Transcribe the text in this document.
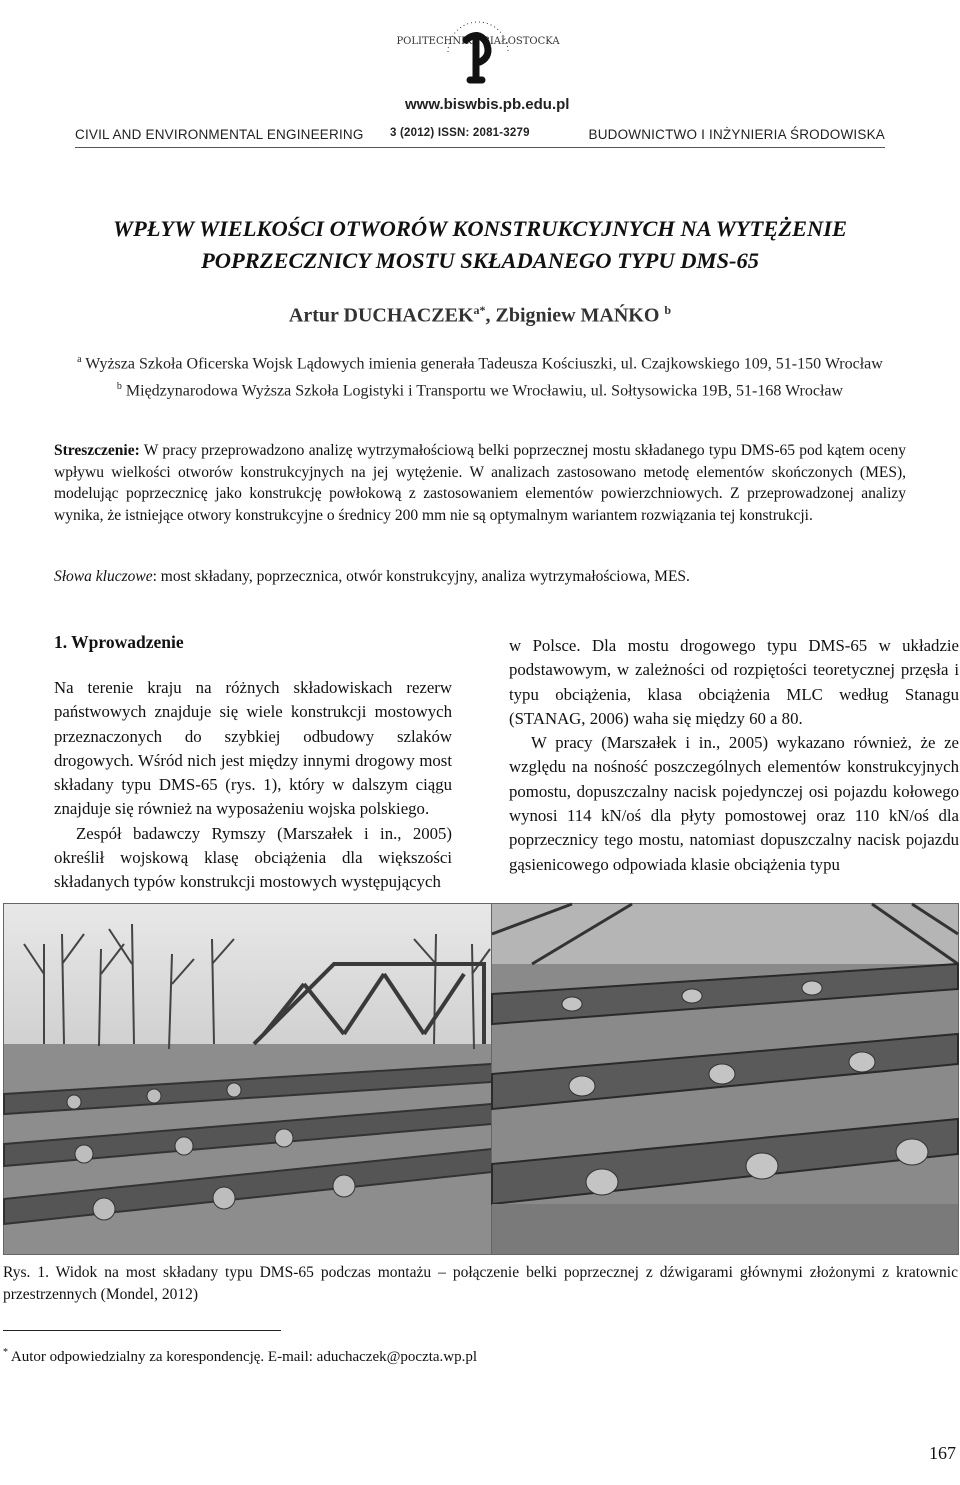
POLITECHNIKA BIAŁOSTOCKA
www.biswbis.pb.edu.pl
CIVIL AND ENVIRONMENTAL ENGINEERING 3 (2012) ISSN: 2081-3279	BUDOWNICTWO I INŻYNIERIA ŚRODOWISKA
WPŁYW WIELKOŚCI OTWORÓW KONSTRUKCYJNYCH NA WYTĘŻENIE
POPRZECZNICY MOSTU SKŁADANEGO TYPU DMS-65
Artur $DUCHACZEK^{a*}$, Zbigniew MAŃKO $^b$
$^a$ Wyższa Szkoła Oficerska Wojsk Lądowych imienia generała Tadeusza Kościuszki, ul. Czajkowskiego 109, 51-150 Wrocław
$^b$ Międzynarodowa Wyższa Szkoła Logistyki i Transportu we Wrocławiu, ul. Sołtysowicka 19B, 51-168 Wrocław
Streszczenie: W pracy przeprowadzono analizę wytrzymałościową belki poprzecznej mostu składanego typu DMS-65 pod kątem oceny wpływu wielkości otworów konstrukcyjnych na jej wytężenie. W analizach zastosowano metodę elementów skończonych (MES), modelując poprzecznicę jako konstrukcję powłokową z zastosowaniem elementów powierzchniowych. Z przeprowadzonej analizy wynika, że istniejące otwory konstrukcyjne o średnicy 200 mm nie są optymalnym wariantem rozwiązania tej konstrukcji.
Słowa kluczowe: most składany, poprzecznica, otwór konstrukcyjny, analiza wytrzymałościowa, MES.
1. Wprowadzenie

Na terenie kraju na różnych składowiskach rezerw państwowych znajduje się wiele konstrukcji mostowych przeznaczonych do szybkiej odbudowy szlaków drogowych. Wśród nich jest między innymi drogowy most składany typu DMS-65 (rys. 1), który w dalszym ciągu znajduje się również na wyposażeniu wojska polskiego.

Zespół badawczy Rymszy (Marszałek i in., 2005) określił wojskową klasę obciążenia dla większości składanych typów konstrukcji mostowych występujących

w Polsce. Dla mostu drogowego typu DMS-65 w układzie podstawowym, w zależności od rozpiętości teoretycznej przęsła i typu obciążenia, klasa obciążenia MLC według Stanagu (STANAG, 2006) waha się między 60 a 80.

W pracy (Marszałek i in., 2005) wykazano również, że ze względu na nośność poszczególnych elementów konstrukcyjnych pomostu, dopuszczalny nacisk pojedynczej osi pojazdu kołowego wynosi 114 kN/oś dla płyty pomostowej oraz 110 kN/oś dla poprzecznicy tego mostu, natomiast dopuszczalny nacisk pojazdu gąsienicowego odpowiada klasie obciążenia typu

Rys. 1. Widok na most składany typu DMS-65 podczas montażu – połączenie belki poprzecznej z dźwigarami głównymi złożonymi z kratownic przestrzennych (Mondel, 2012)
* Autor odpowiedzialny za korespondencję. E-mail: aduchaczek@poczta.wp.pl
167
